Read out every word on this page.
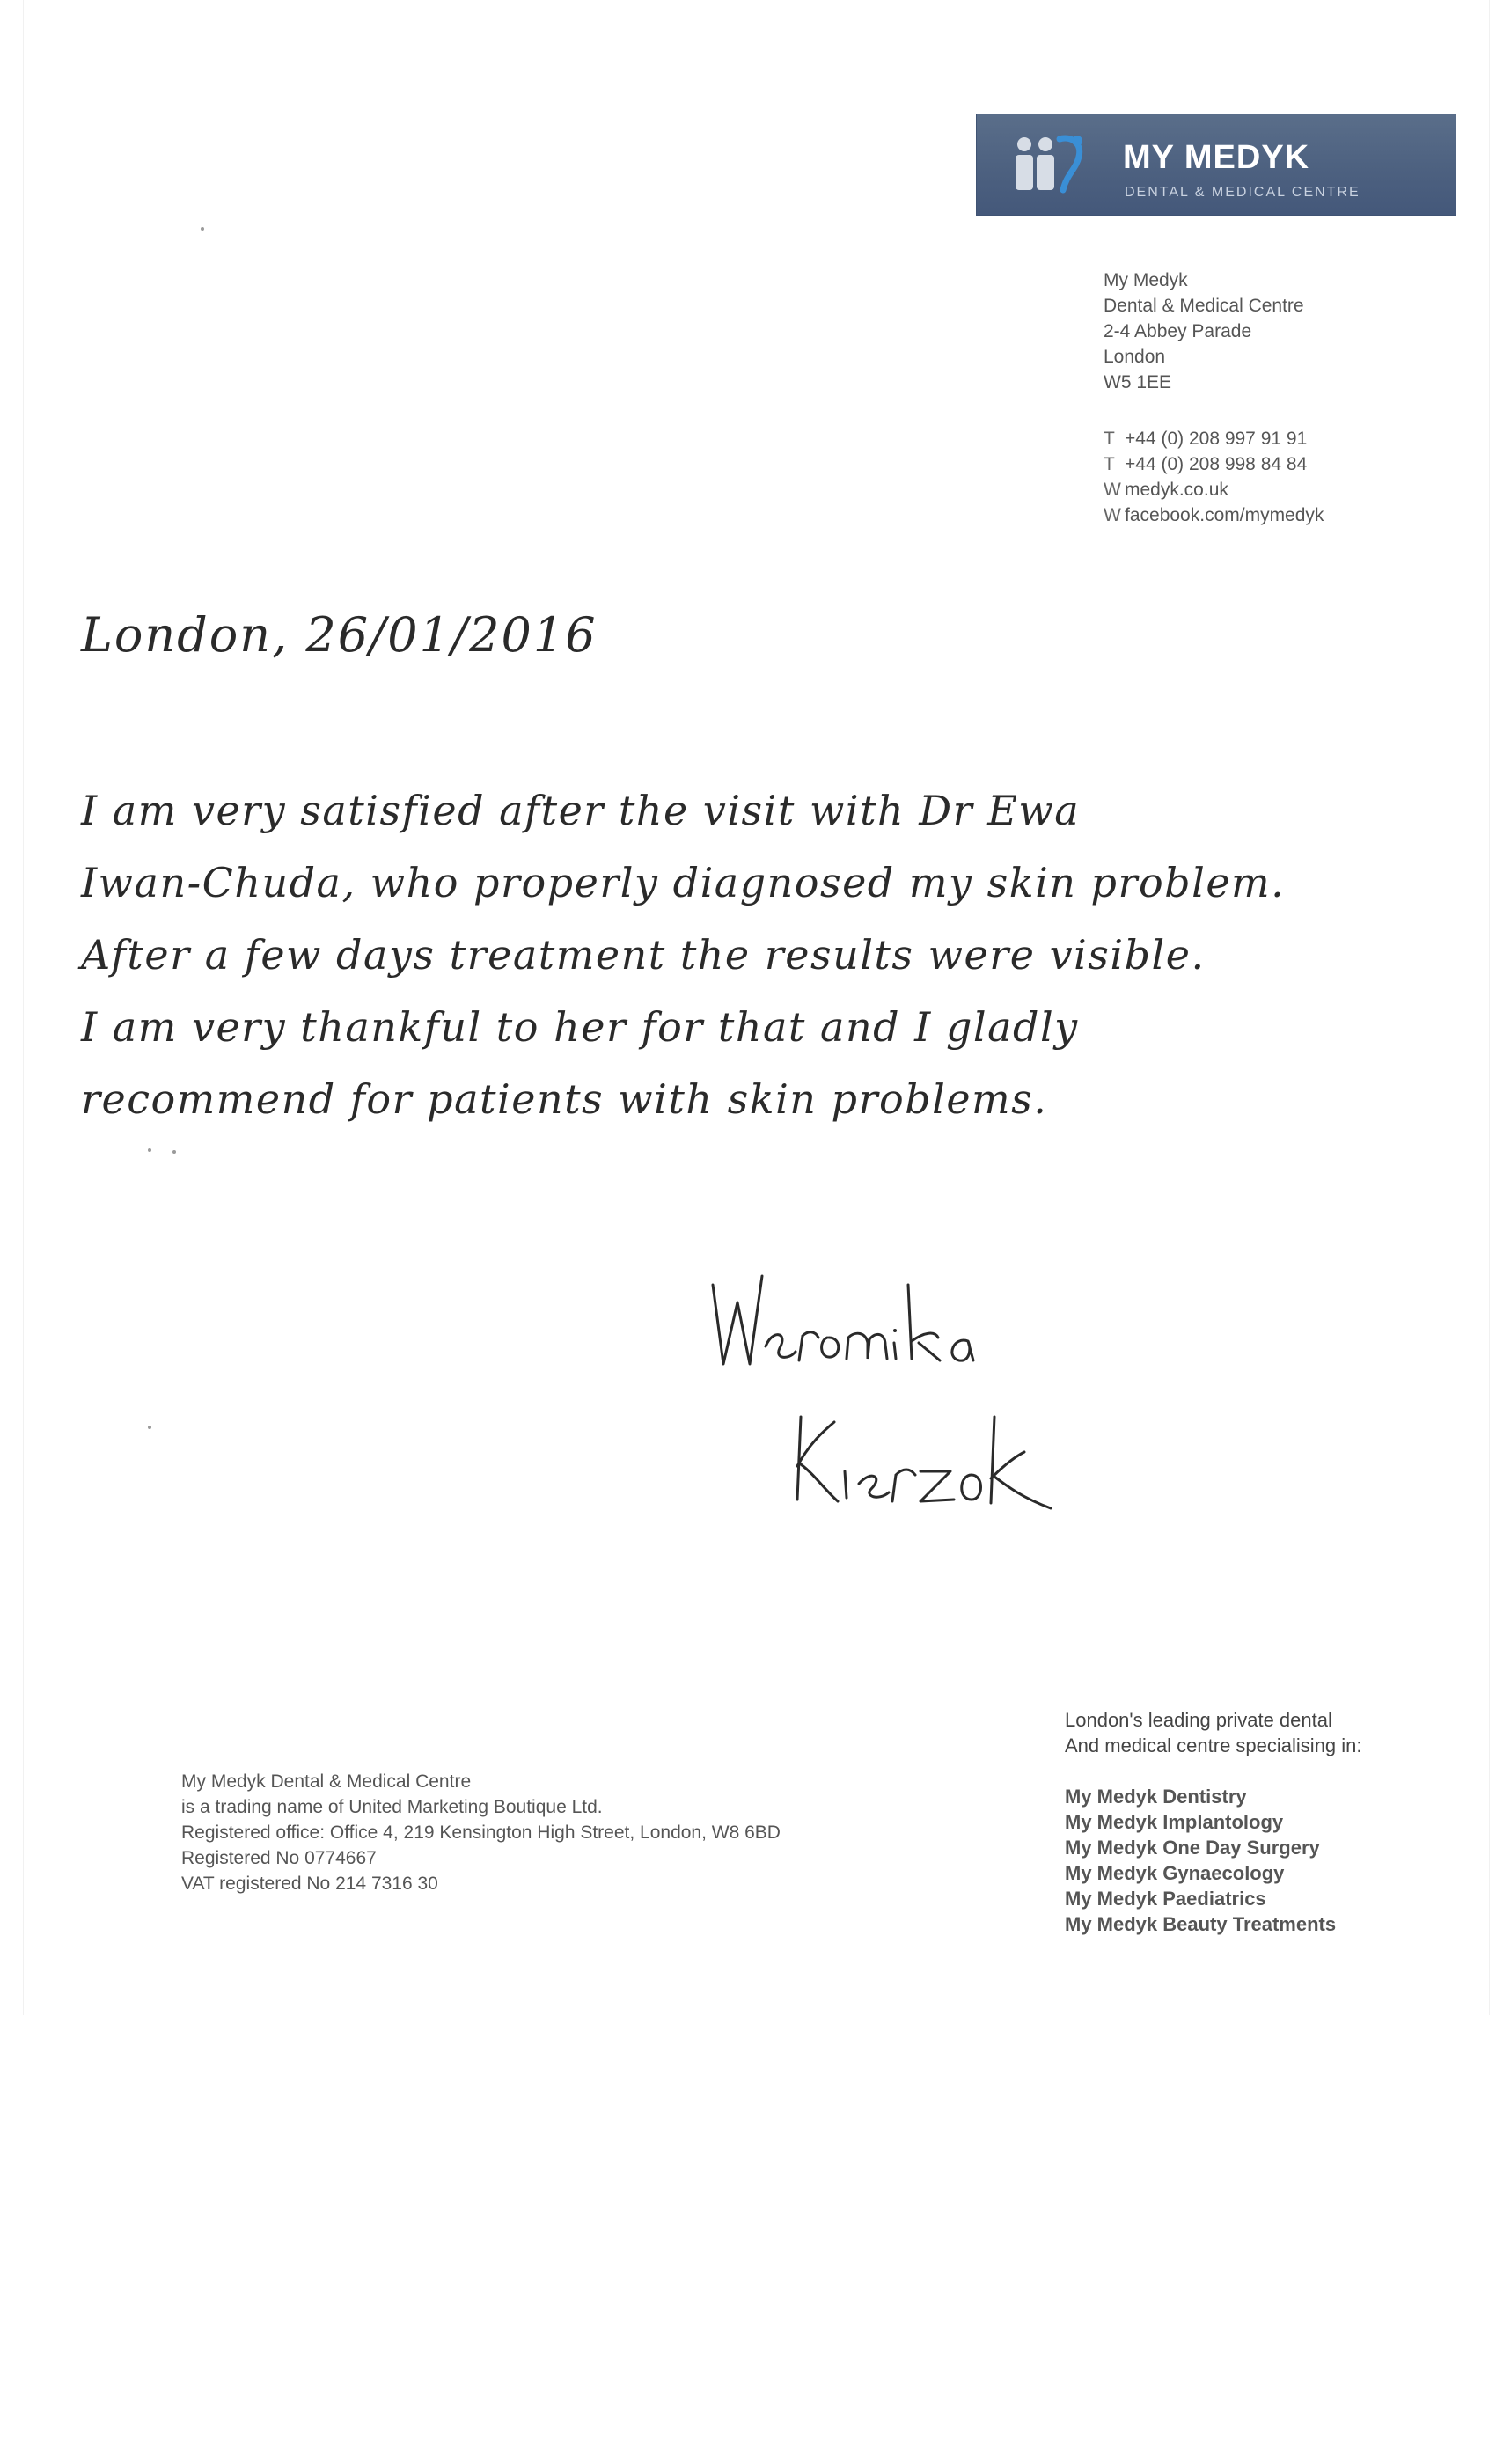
MY MEDYK
DENTAL & MEDICAL CENTRE
My Medyk
Dental & Medical Centre
2-4 Abbey Parade
London
W5 1EE
T +44 (0) 208 997 91 91
T +44 (0) 208 998 84 84
W medyk.co.uk
W facebook.com/mymedyk
London, 26/01/2016
I am very satisfied after the visit with Dr Ewa
Iwan-Chuda, who properly diagnosed my skin problem.
After a few days treatment the results were visible.
I am very thankful to her for that and I gladly
recommend for patients with skin problems.
My Medyk Dental & Medical Centre
is a trading name of United Marketing Boutique Ltd.
Registered office: Office 4, 219 Kensington High Street, London, W8 6BD
Registered No 0774667
VAT registered No 214 7316 30
London's leading private dental
And medical centre specialising in:
My Medyk Dentistry
My Medyk Implantology
My Medyk One Day Surgery
My Medyk Gynaecology
My Medyk Paediatrics
My Medyk Beauty Treatments
